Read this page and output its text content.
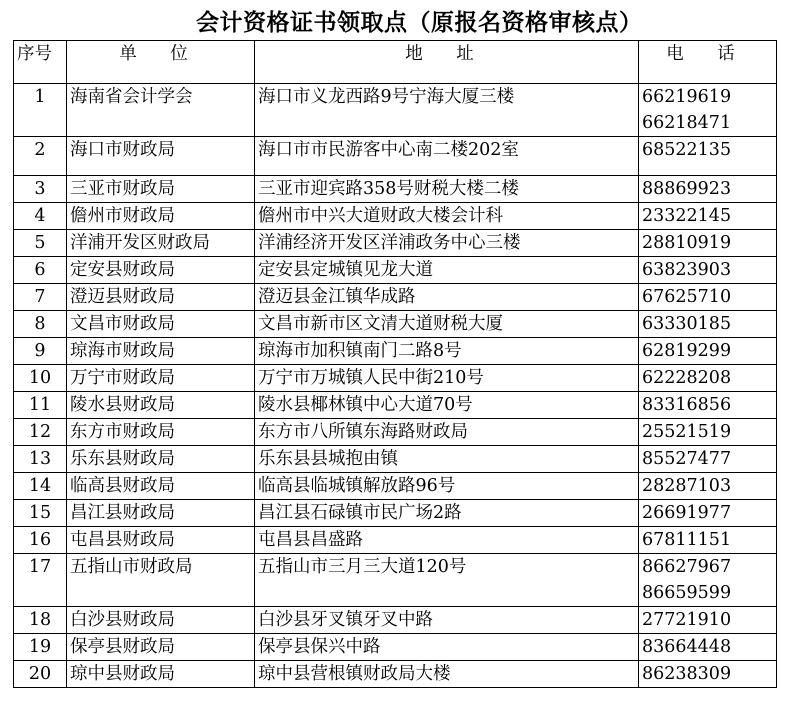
会计资格证书领取点（原报名资格审核点）
序号	单 位	地 址	电 话
1	海南省会计学会	海口市义龙西路9号宁海大厦三楼	66219619
66218471

2	海口市财政局	海口市市民游客中心南二楼202室	68522135

3	三亚市财政局	三亚市迎宾路358号财税大楼二楼	88869923

4	儋州市财政局	儋州市中兴大道财政大楼会计科	23322145

5	洋浦开发区财政局	洋浦经济开发区洋浦政务中心三楼	28810919

6	定安县财政局	定安县定城镇见龙大道	63823903

7	澄迈县财政局	澄迈县金江镇华成路	67625710

8	文昌市财政局	文昌市新市区文清大道财税大厦	63330185

9	琼海市财政局	琼海市加积镇南门二路8号	62819299

10	万宁市财政局	万宁市万城镇人民中街210号	62228208

11	陵水县财政局	陵水县椰林镇中心大道70号	83316856

12	东方市财政局	东方市八所镇东海路财政局	25521519

13	乐东县财政局	乐东县县城抱由镇	85527477

14	临高县财政局	临高县临城镇解放路96号	28287103

15	昌江县财政局	昌江县石碌镇市民广场2路	26691977

16	屯昌县财政局	屯昌县昌盛路	67811151

17	五指山市财政局	五指山市三月三大道120号	86627967
86659599

18	白沙县财政局	白沙县牙叉镇牙叉中路	27721910

19	保亭县财政局	保亭县保兴中路	83664448

20	琼中县财政局	琼中县营根镇财政局大楼	86238309
